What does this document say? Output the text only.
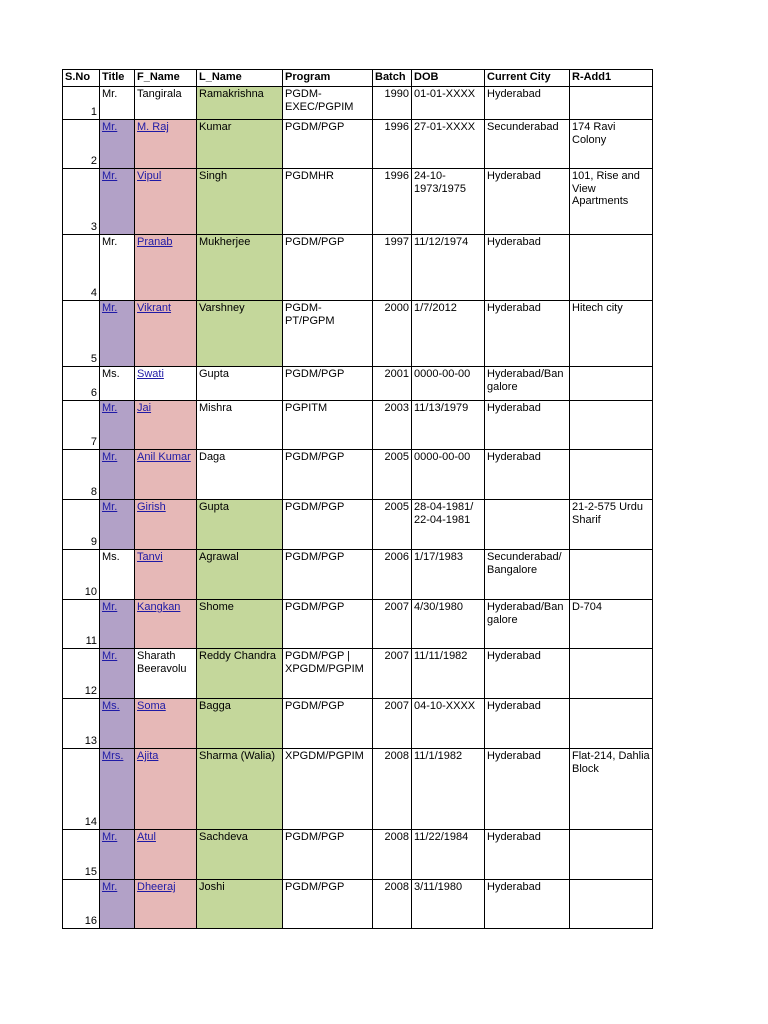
S.No	Title	F_Name	L_Name	Program	Batch	DOB	Current City	R-Add1
1	Mr.	Tangirala	Ramakrishna	PGDM-EXEC/PGPIM	1990	01-01-XXXX	Hyderabad	
2	Mr.	M. Raj	Kumar	PGDM/PGP	1996	27-01-XXXX	Secunderabad	174 Ravi Colony
3	Mr.	Vipul	Singh	PGDMHR	1996	24-10-1973/1975	Hyderabad	101, Rise and View Apartments
4	Mr.	Pranab	Mukherjee	PGDM/PGP	1997	11/12/1974	Hyderabad	
5	Mr.	Vikrant	Varshney	PGDM-PT/PGPM	2000	1/7/2012	Hyderabad	Hitech city
6	Ms.	Swati	Gupta	PGDM/PGP	2001	0000-00-00	Hyderabad/Ban galore	
7	Mr.	Jai	Mishra	PGPITM	2003	11/13/1979	Hyderabad	
8	Mr.	Anil Kumar	Daga	PGDM/PGP	2005	0000-00-00	Hyderabad	
9	Mr.	Girish	Gupta	PGDM/PGP	2005	28-04-1981/ 22-04-1981		21-2-575 Urdu Sharif
10	Ms.	Tanvi	Agrawal	PGDM/PGP	2006	1/17/1983	Secunderabad/ Bangalore	
11	Mr.	Kangkan	Shome	PGDM/PGP	2007	4/30/1980	Hyderabad/Ban galore	D-704
12	Mr.	Sharath Beeravolu	Reddy Chandra	PGDM/PGP | XPGDM/PGPIM	2007	11/11/1982	Hyderabad	
13	Ms.	Soma	Bagga	PGDM/PGP	2007	04-10-XXXX	Hyderabad	
14	Mrs.	Ajita	Sharma (Walia)	XPGDM/PGPIM	2008	11/1/1982	Hyderabad	Flat-214, Dahlia Block
15	Mr.	Atul	Sachdeva	PGDM/PGP	2008	11/22/1984	Hyderabad	
16	Mr.	Dheeraj	Joshi	PGDM/PGP	2008	3/11/1980	Hyderabad	
